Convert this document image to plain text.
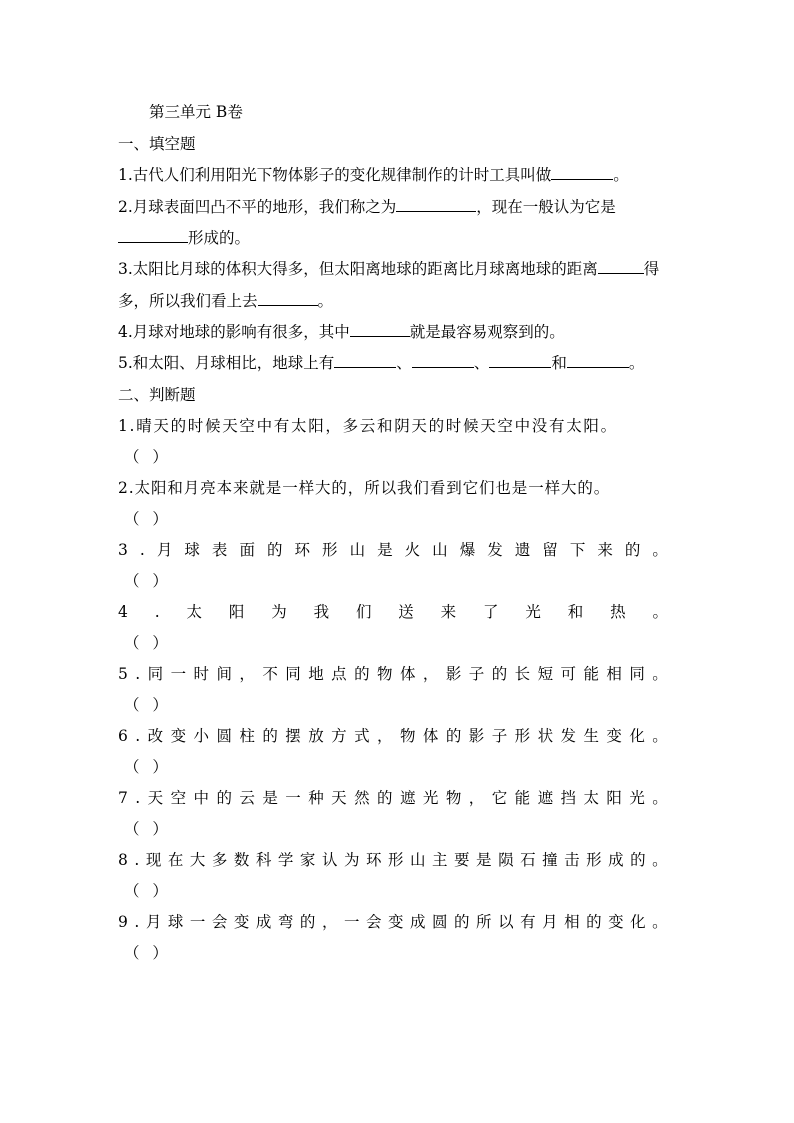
第三单元 B卷
一、填空题
1.古代人们利用阳光下物体影子的变化规律制作的计时工具叫做	。
2.月球表面凹凸不平的地形，我们称之为	，现在一般认为它是
形成的。
3.太阳比月球的体积大得多，但太阳离地球的距离比月球离地球的距离	得
多，所以我们看上去	。
4.月球对地球的影响有很多，其中	就是最容易观察到的。
5.和太阳、月球相比，地球上有	、	、	和	。
二、判断题
1.晴天的时候天空中有太阳，多云和阴天的时候天空中没有太阳。
（ ）
2.太阳和月亮本来就是一样大的，所以我们看到它们也是一样大的。
（ ）
3 . 月 球 表 面 的 环 形 山 是 火 山 爆 发 遗 留 下 来 的 。
（ ）
4 . 太 阳 为 我 们 送 来 了 光 和 热 。
（ ）
5 . 同 一 时 间 ， 不 同 地 点 的 物 体 ， 影 子 的 长 短 可 能 相 同 。
（ ）
6 . 改 变 小 圆 柱 的 摆 放 方 式 ， 物 体 的 影 子 形 状 发 生 变 化 。
（ ）
7 . 天 空 中 的 云 是 一 种 天 然 的 遮 光 物 ， 它 能 遮 挡 太 阳 光 。
（ ）
8 . 现 在 大 多 数 科 学 家 认 为 环 形 山 主 要 是 陨 石 撞 击 形 成 的 。
（ ）
9 . 月 球 一 会 变 成 弯 的 ， 一 会 变 成 圆 的 所 以 有 月 相 的 变 化 。
（ ）
